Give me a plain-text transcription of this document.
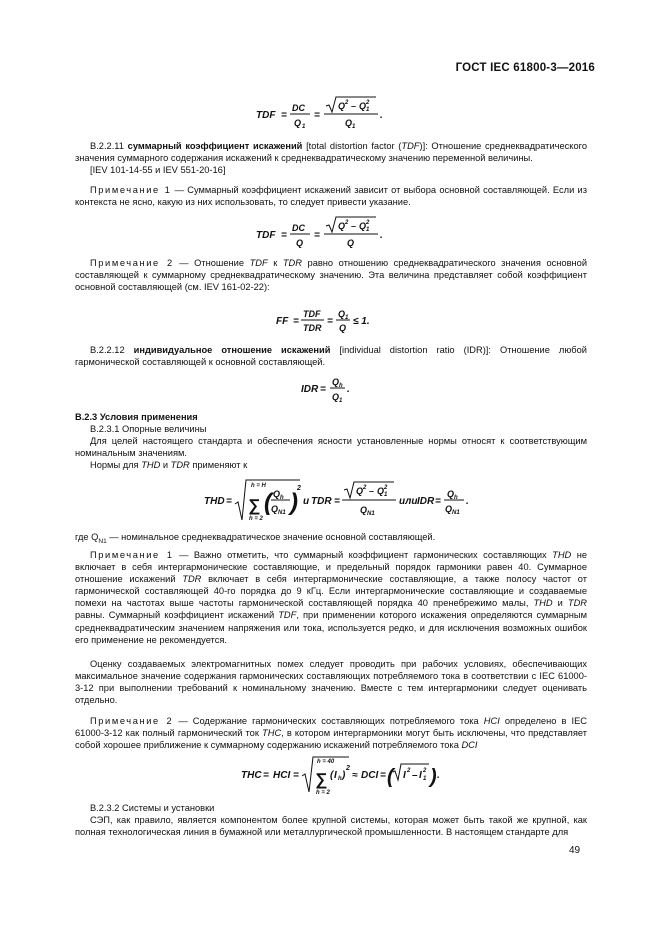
ГОСТ IEC 61800-3—2016
TDF =
DC
Q 1
=
Q 2 – Q 1
2
Q 1
.
В.2.2.11 суммарный коэффициент искажений [total distortion factor (TDF)]: Отношение среднеквадратического значения суммарного содержания искажений к среднеквадратическому значению переменной величины.
[IEV 101-14-55 и IEV 551-20-16]
Примечание 1 — Суммарный коэффициент искажений зависит от выбора основной составляющей. Если из контекста не ясно, какую из них использовать, то следует привести указание.
TDF =
DC
Q
=
Q 2 – Q 1
2
Q
.
Примечание 2 — Отношение TDF к TDR равно отношению среднеквадратического значения основной составляющей к суммарному среднеквадратическому значению. Эта величина представляет собой коэффициент основной составляющей (см. IEV 161-02-22):
FF =
TDF
TDR
=
Q 1
Q
≤ 1.
В.2.2.12 индивидуальное отношение искажений [individual distortion ratio (IDR)]: Отношение любой гармонической составляющей к основной составляющей.
IDR =
Q h
Q 1
.
В.2.3 Условия применения
В.2.3.1 Опорные величины
Для целей настоящего стандарта и обеспечения ясности установленные нормы относят к соответствующим номинальным значениям.
Нормы для THD и TDR применяют к
THD =
h = H
∑
h = 2
( Q h
Q N1 )
2
и TDR =
Q 2 – Q 1
2
Q N1
или IDR =
Q h
Q N1
.
где $Q_{N1}$ — номинальное среднеквадратическое значение основной составляющей.
Примечание 1 — Важно отметить, что суммарный коэффициент гармонических составляющих THD не включает в себя интергармонические составляющие, и предельный порядок гармоники равен 40. Суммарное отношение искажений TDR включает в себя интергармонические составляющие, а также полосу частот от гармонической составляющей 40-го порядка до 9 кГц. Если интергармонические составляющие и создаваемые помехи на частотах выше частоты гармонической составляющей порядка 40 пренебрежимо малы, THD и TDR равны. Суммарный коэффициент искажений TDF, при применении которого искажения определяются суммарным среднеквадратическим значением напряжения или тока, используется редко, и для исключения возможных ошибок его применение не рекомендуется.
Оценку создаваемых электромагнитных помех следует проводить при рабочих условиях, обеспечивающих максимальное значение содержания гармонических составляющих потребляемого тока в соответствии с IEC 61000-3-12 при выполнении требований к номинальному значению. Вместе с тем интергармоники следует оценивать отдельно.
Примечание 2 — Содержание гармонических составляющих потребляемого тока HCI определено в IEC 61000-3-12 как полный гармонический ток THC, в котором интергармоники могут быть исключены, что представляет собой хорошее приближение к суммарному содержанию искажений потребляемого тока DCI
THC = HCI =
h = 40
∑
h = 2
( I h )
2
≈ DCI = ( I 2 – I 1
2 ) .
В.2.3.2 Системы и установки
СЭП, как правило, является компонентом более крупной системы, которая может быть такой же крупной, как полная технологическая линия в бумажной или металлургической промышленности. В настоящем стандарте для
49
